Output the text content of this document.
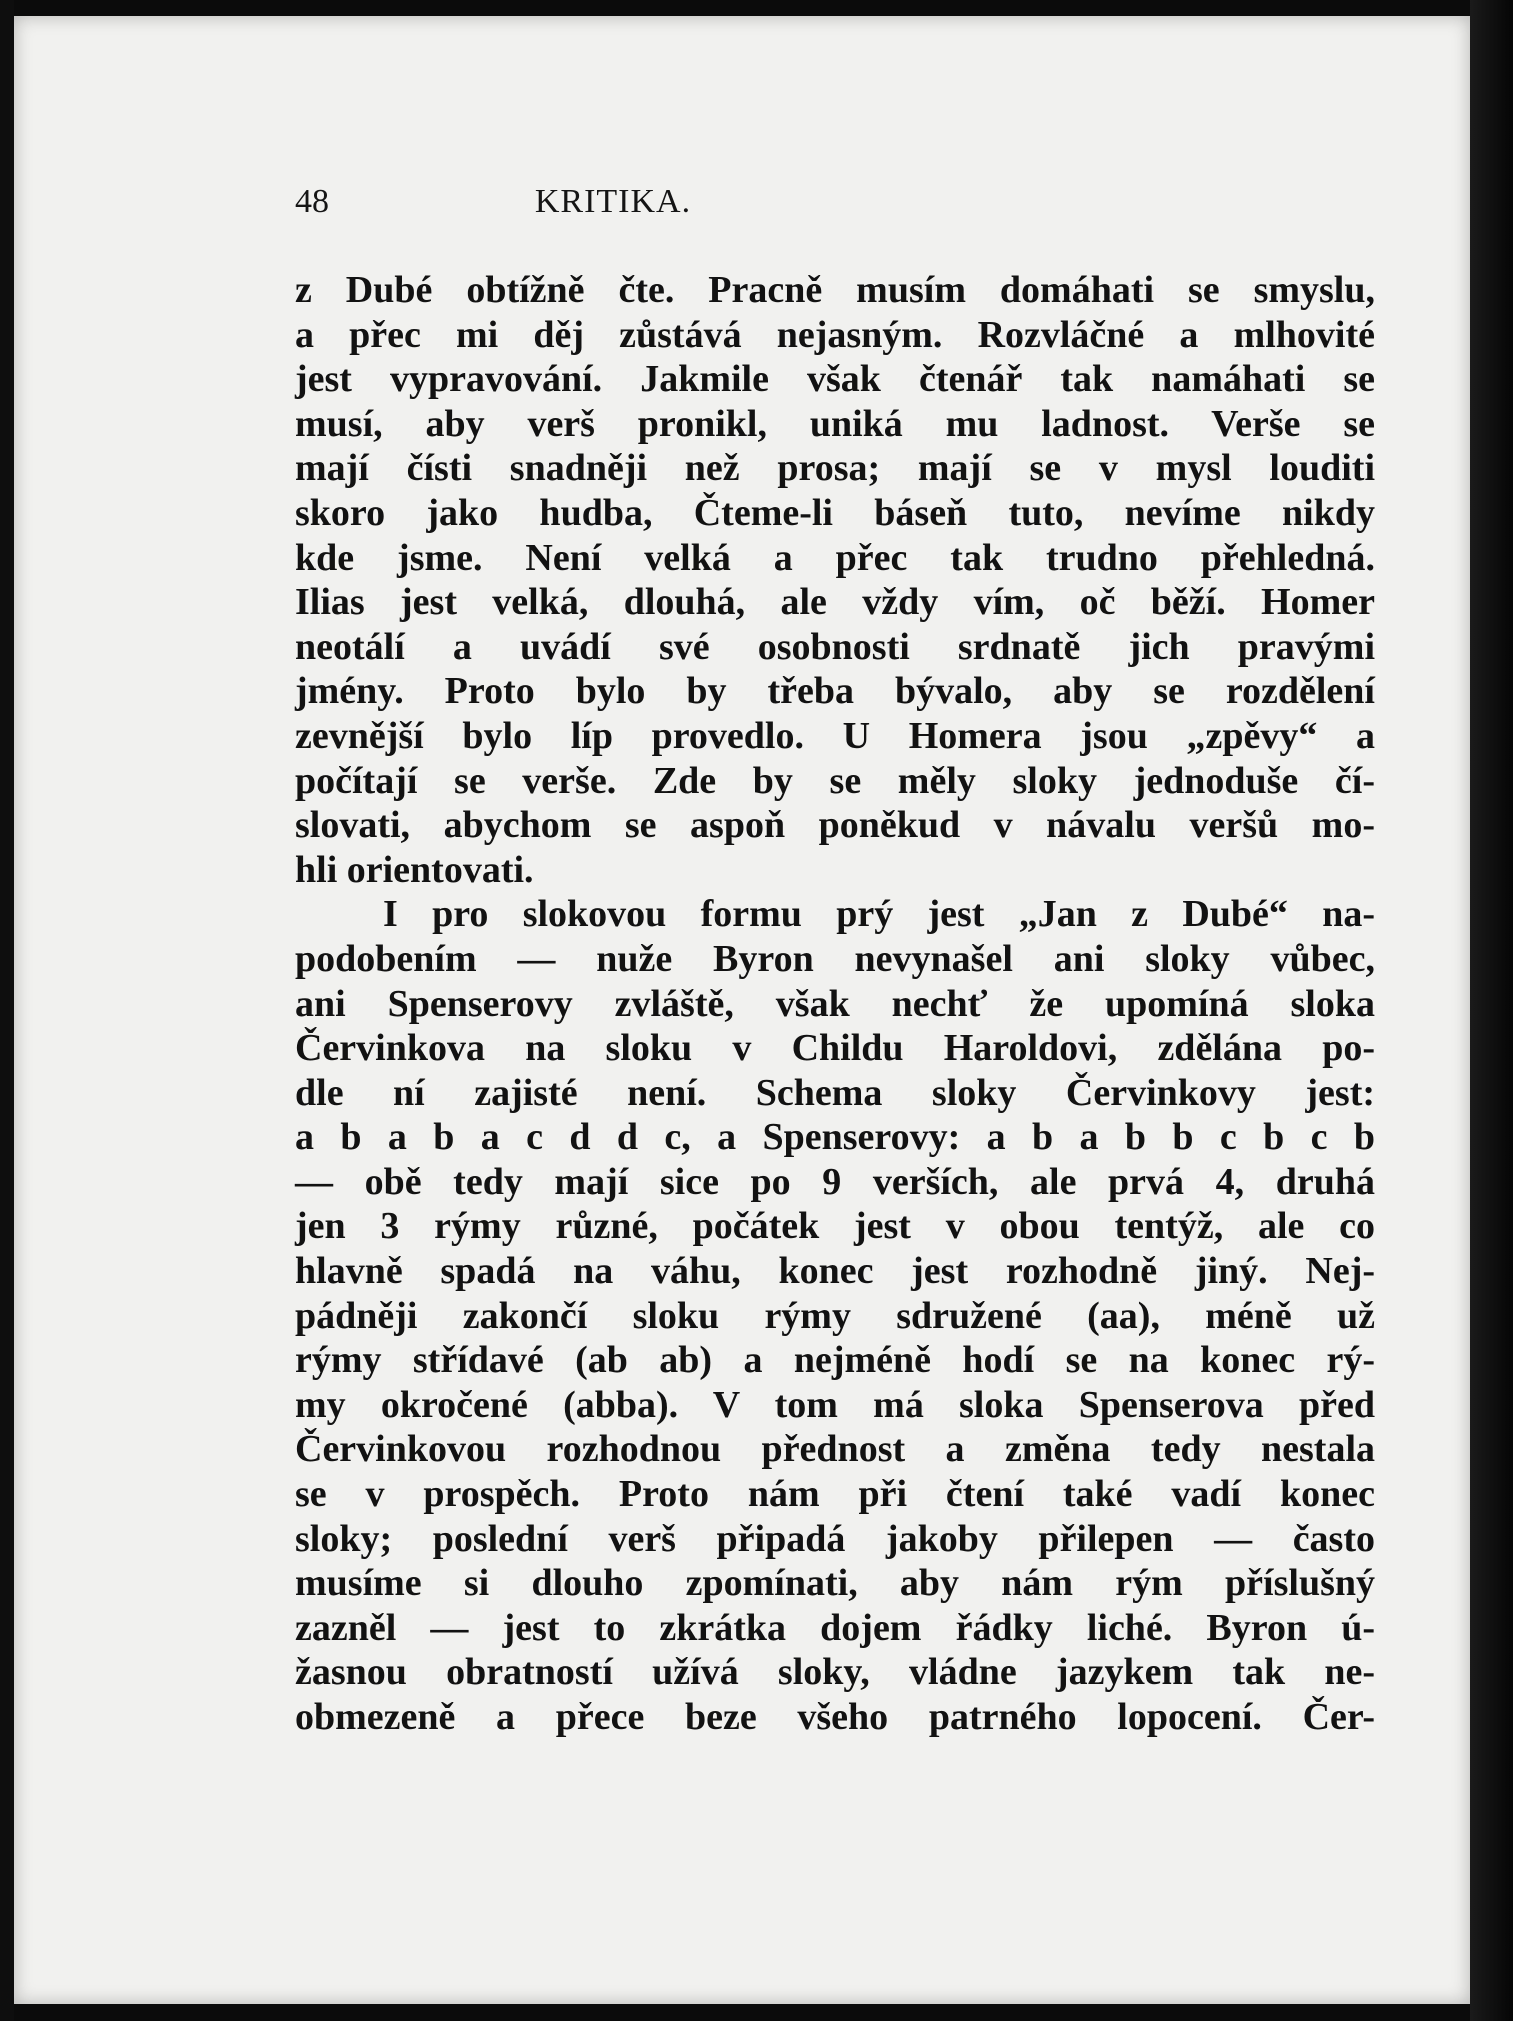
48	KRITIKA.
z Dubé obtížně čte. Pracně musím domáhati se smyslu,
a přec mi děj zůstává nejasným. Rozvláčné a mlhovité
jest vypravování. Jakmile však čtenář tak namáhati se
musí, aby verš pronikl, uniká mu ladnost. Verše se
mají čísti snadněji než prosa; mají se v mysl louditi
skoro jako hudba, Čteme-li báseň tuto, nevíme nikdy
kde jsme. Není velká a přec tak trudno přehledná.
Ilias jest velká, dlouhá, ale vždy vím, oč běží. Homer
neotálí a uvádí své osobnosti srdnatě jich pravými
jmény. Proto bylo by třeba bývalo, aby se rozdělení
zevnější bylo líp provedlo. U Homera jsou „zpěvy“ a
počítají se verše. Zde by se měly sloky jednoduše čí-
slovati, abychom se aspoň poněkud v návalu veršů mo-
hli orientovati.
I pro slokovou formu prý jest „Jan z Dubé“ na-
podobením — nuže Byron nevynašel ani sloky vůbec,
ani Spenserovy zvláště, však nechť že upomíná sloka
Červinkova na sloku v Childu Haroldovi, zdělána po-
dle ní zajisté není. Schema sloky Červinkovy jest:
a b a b a c d d c, a Spenserovy: a b a b b c b c b
— obě tedy mají sice po 9 verších, ale prvá 4, druhá
jen 3 rýmy různé, počátek jest v obou tentýž, ale co
hlavně spadá na váhu, konec jest rozhodně jiný. Nej-
pádněji zakončí sloku rýmy sdružené (aa), méně už
rýmy střídavé (ab ab) a nejméně hodí se na konec rý-
my okročené (abba). V tom má sloka Spenserova před
Červinkovou rozhodnou přednost a změna tedy nestala
se v prospěch. Proto nám při čtení také vadí konec
sloky; poslední verš připadá jakoby přilepen — často
musíme si dlouho zpomínati, aby nám rým příslušný
zazněl — jest to zkrátka dojem řádky liché. Byron ú-
žasnou obratností užívá sloky, vládne jazykem tak ne-
obmezeně a přece beze všeho patrného lopocení. Čer-
